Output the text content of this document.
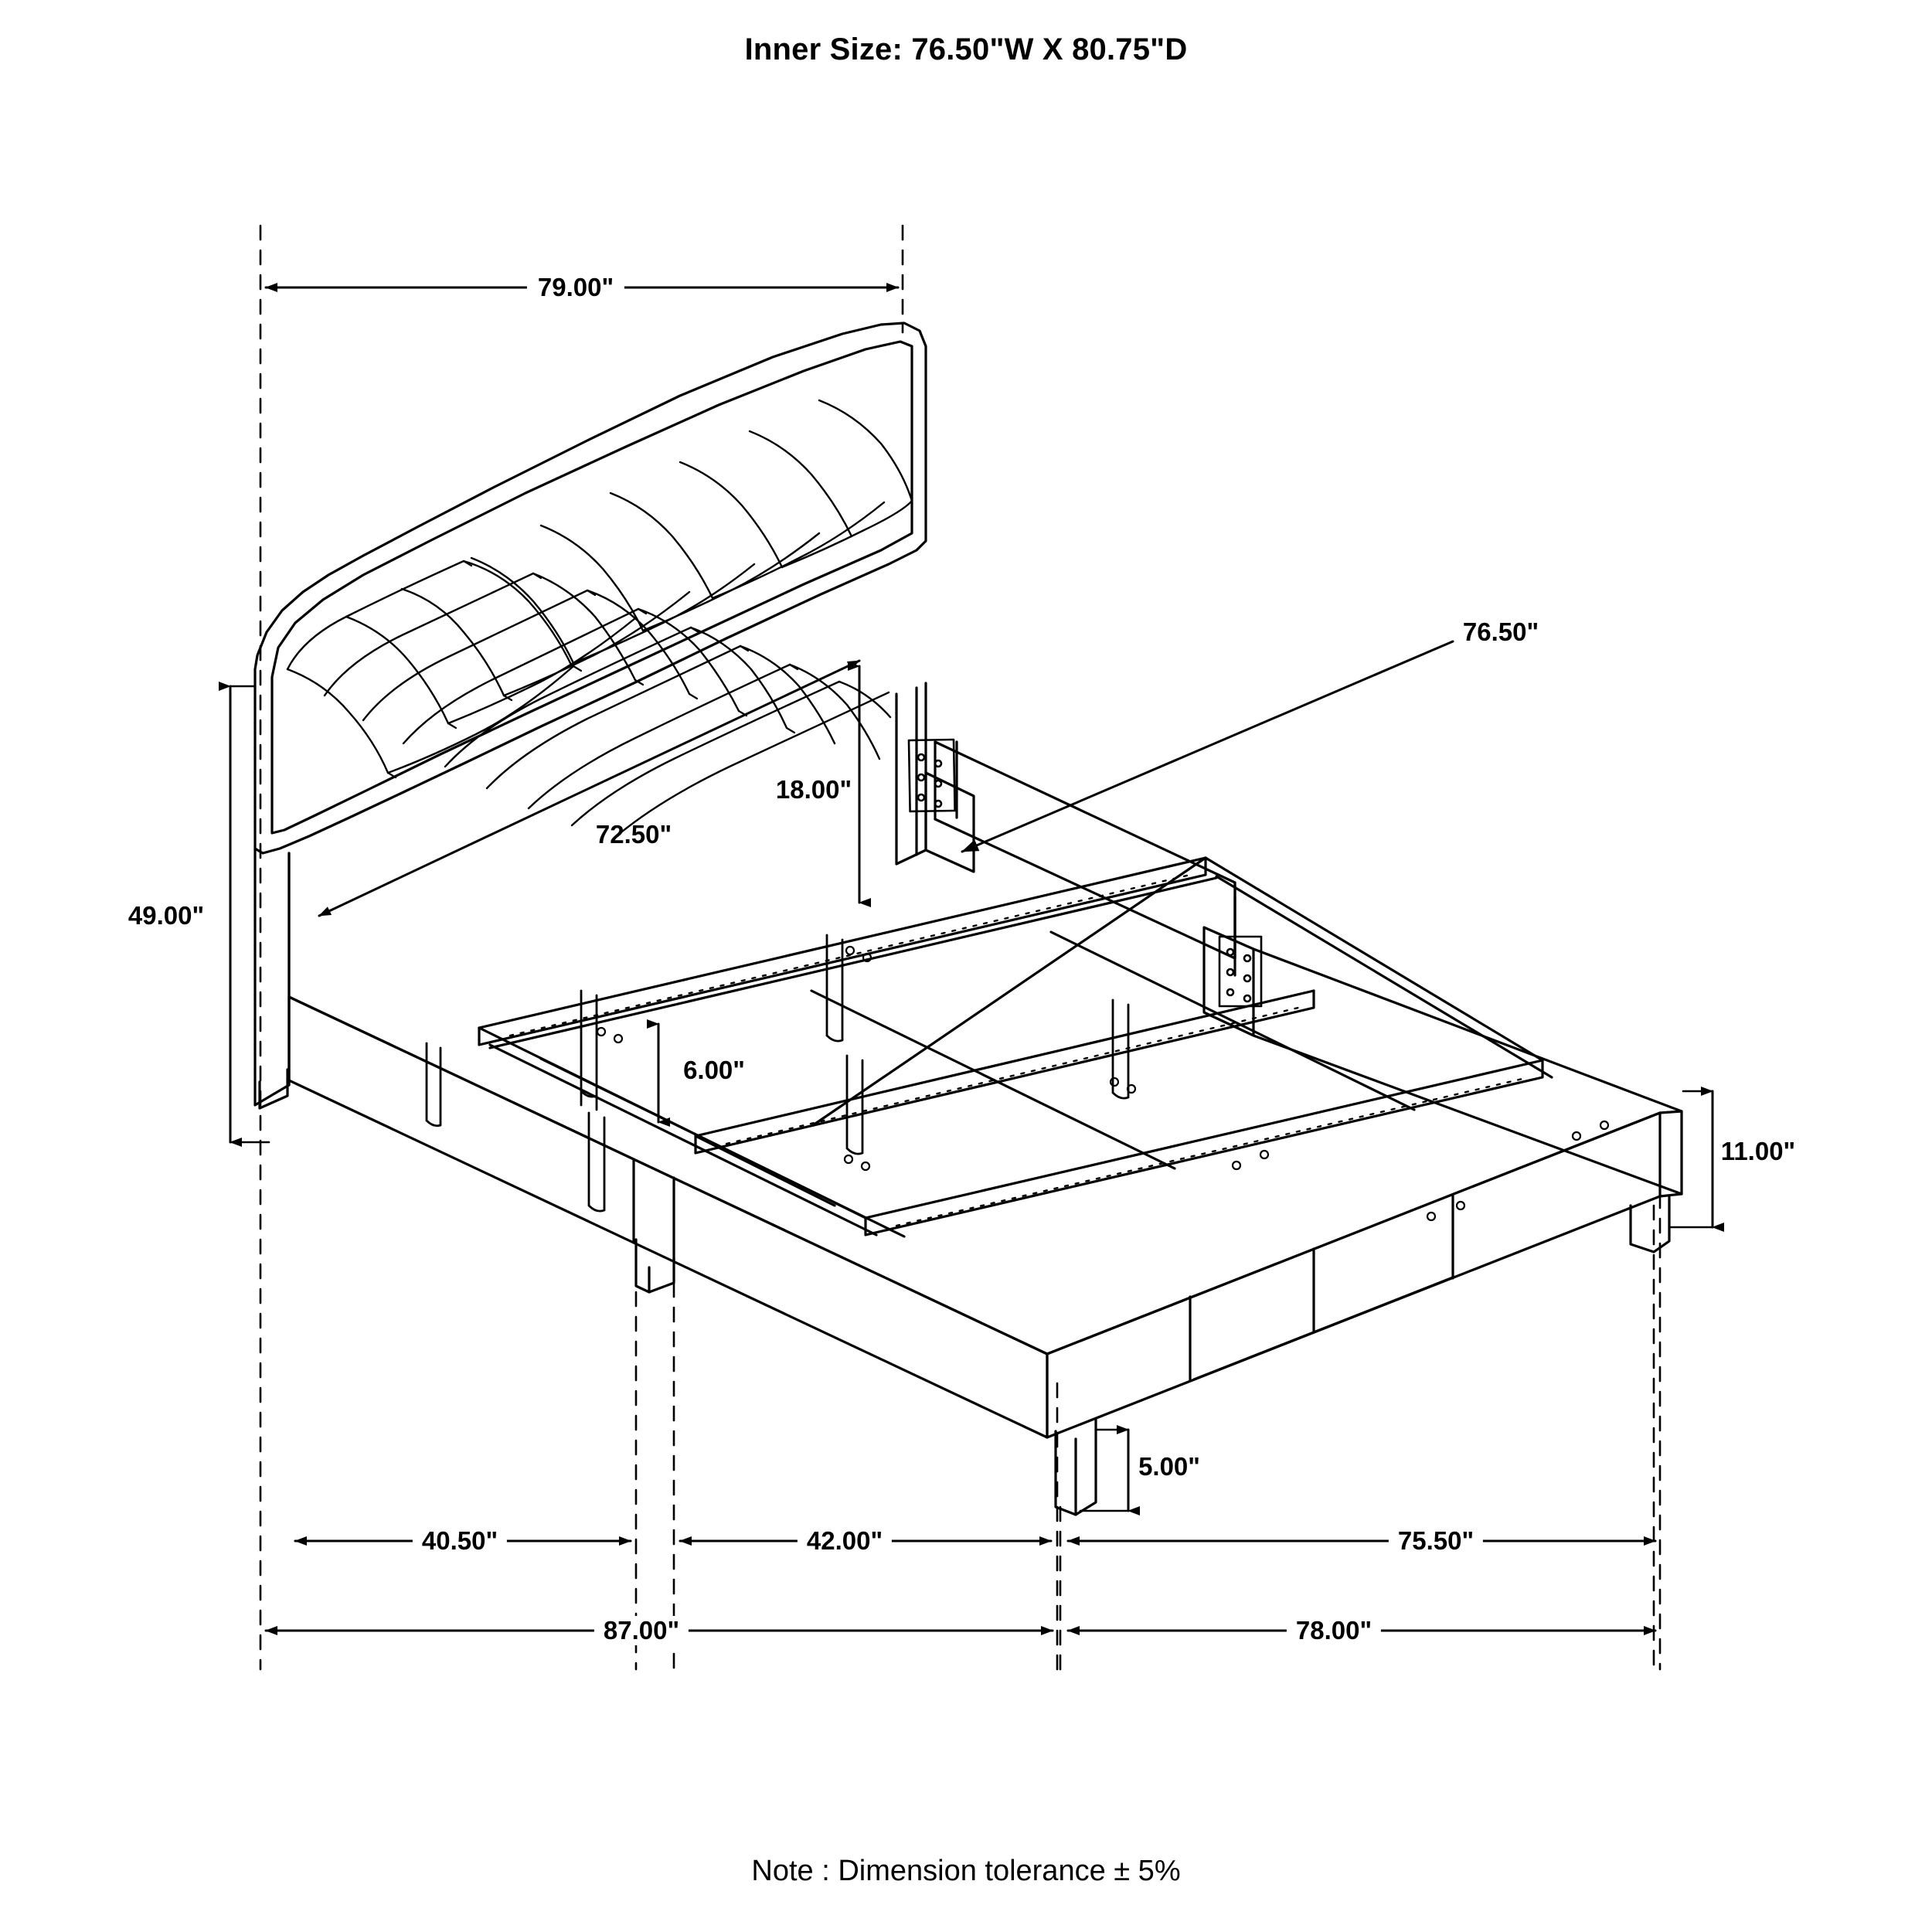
Inner Size: 76.50"W X 80.75"D
79.00"
49.00"
72.50"
18.00"
76.50"
6.00"
11.00"
5.00"
40.50"	42.00"	75.50"
87.00"	78.00"
Note : Dimension tolerance ± 5%
